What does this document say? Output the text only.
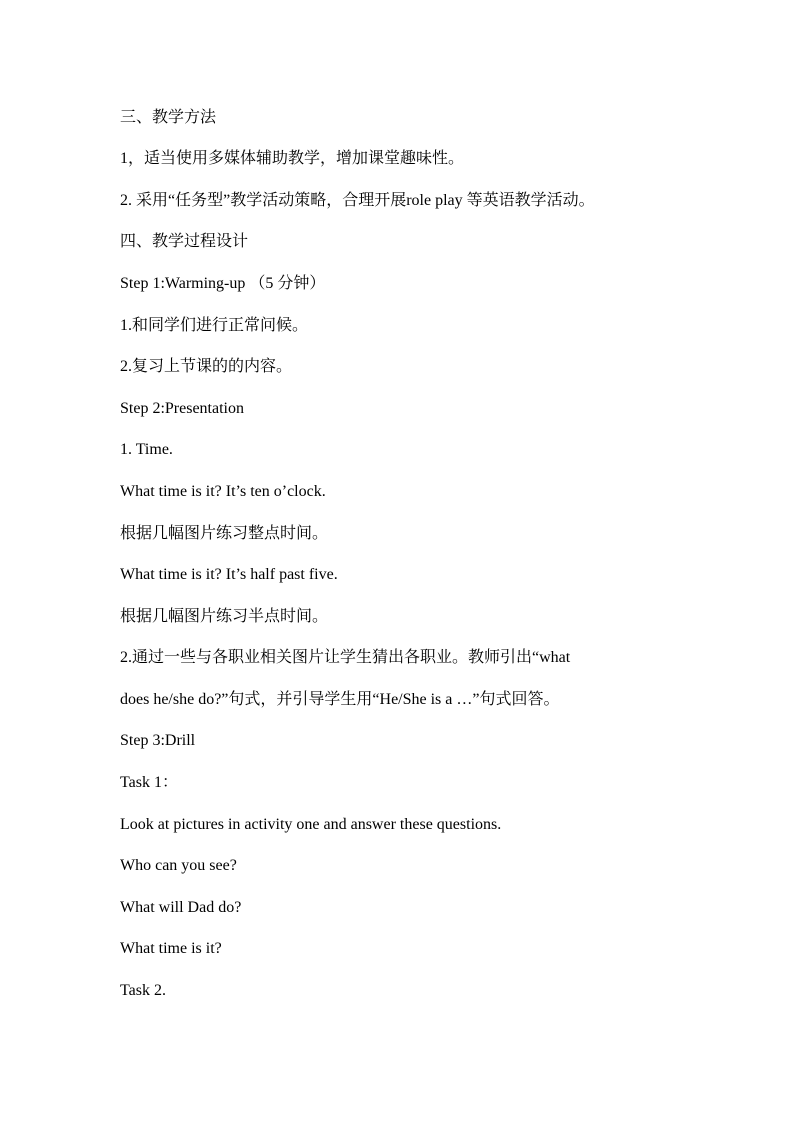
三、教学方法
1，适当使用多媒体辅助教学，增加课堂趣味性。
2. 采用“任务型”教学活动策略，合理开展role play 等英语教学活动。
四、教学过程设计
Step 1:Warming-up （5 分钟）
1.和同学们进行正常问候。
2.复习上节课的的内容。
Step 2:Presentation
1. Time.
What time is it? It’s ten o’clock.
根据几幅图片练习整点时间。
What time is it? It’s half past five.
根据几幅图片练习半点时间。
2.通过一些与各职业相关图片让学生猜出各职业。教师引出“what
does he/she do?”句式，并引导学生用“He/She is a …”句式回答。
Step 3:Drill
Task 1：
Look at pictures in activity one and answer these questions.
Who can you see?
What will Dad do?
What time is it?
Task 2.
